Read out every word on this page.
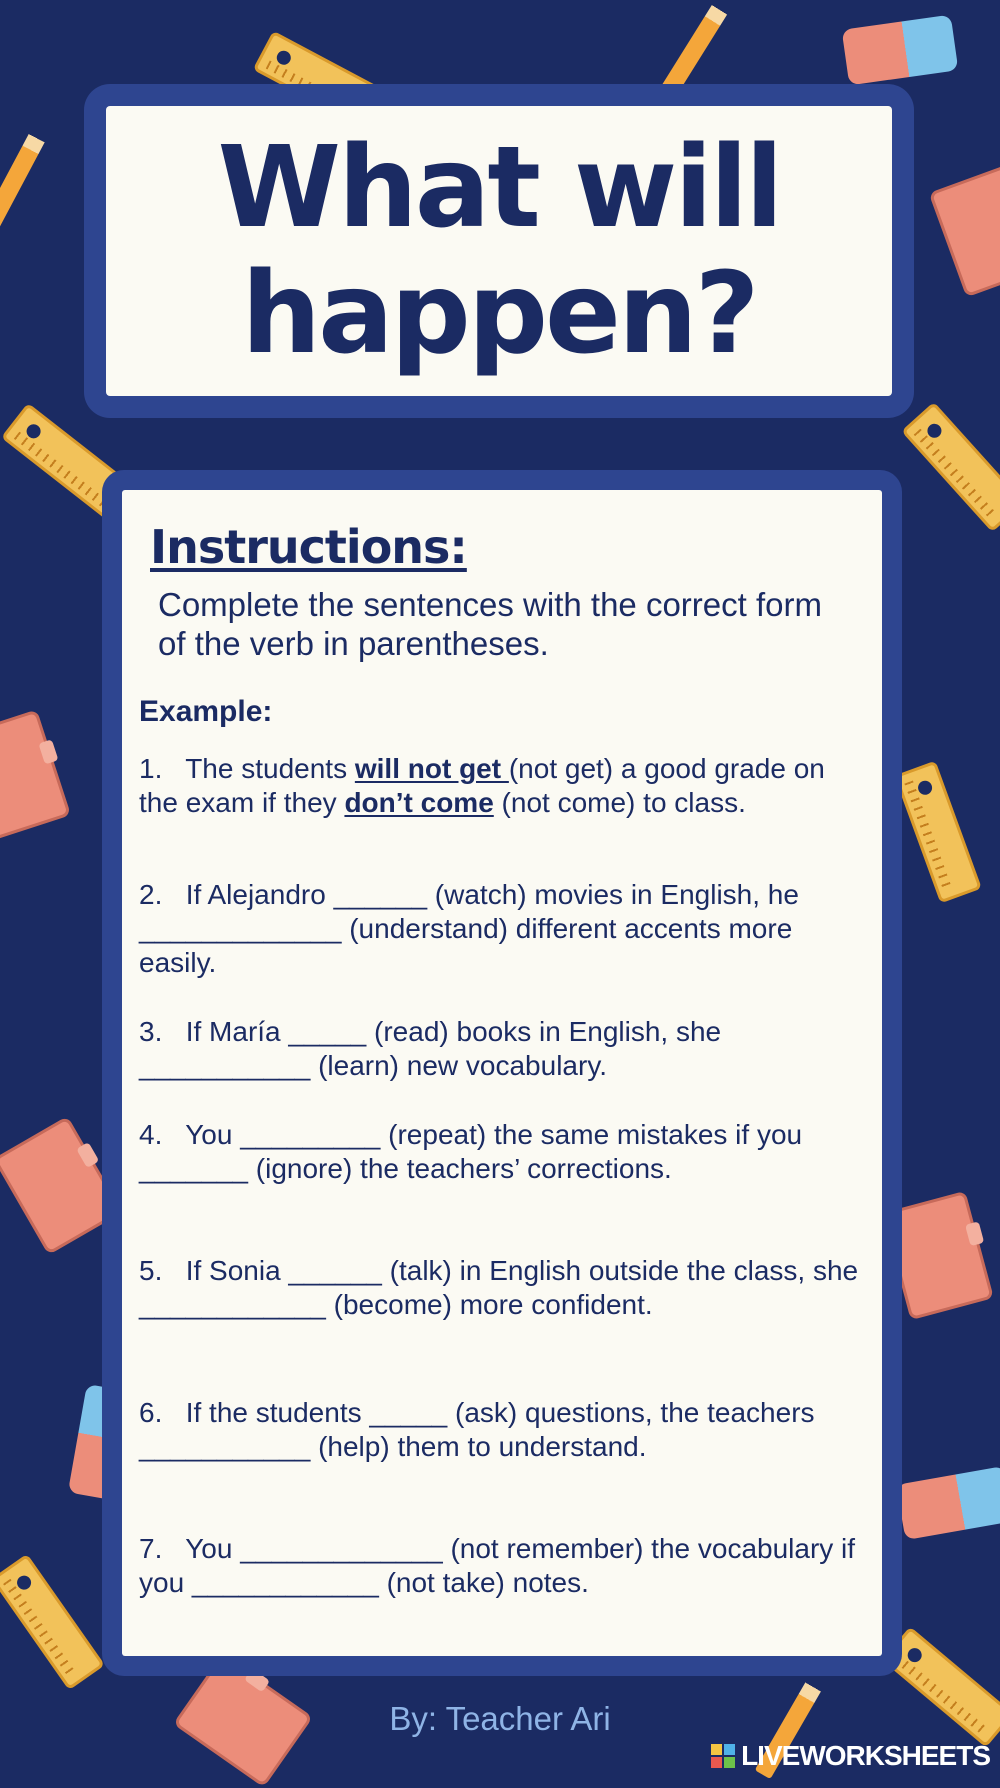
What will
happen?
Instructions:

Complete the sentences with the correct form of the verb in parentheses.

Example:

1. The students will not get (not get) a good grade on the exam if they don’t come (not come) to class.

2. If Alejandro ______ (watch) movies in English, he _____________ (understand) different accents more easily.

3. If María _____ (read) books in English, she ___________ (learn) new vocabulary.

4. You _________ (repeat) the same mistakes if you _______ (ignore) the teachers’ corrections.

5. If Sonia ______ (talk) in English outside the class, she ____________ (become) more confident.

6. If the students _____ (ask) questions, the teachers ___________ (help) them to understand.

7. You _____________ (not remember) the vocabulary if you ____________ (not take) notes.

By: Teacher Ari
LIVEWORKSHEETS
